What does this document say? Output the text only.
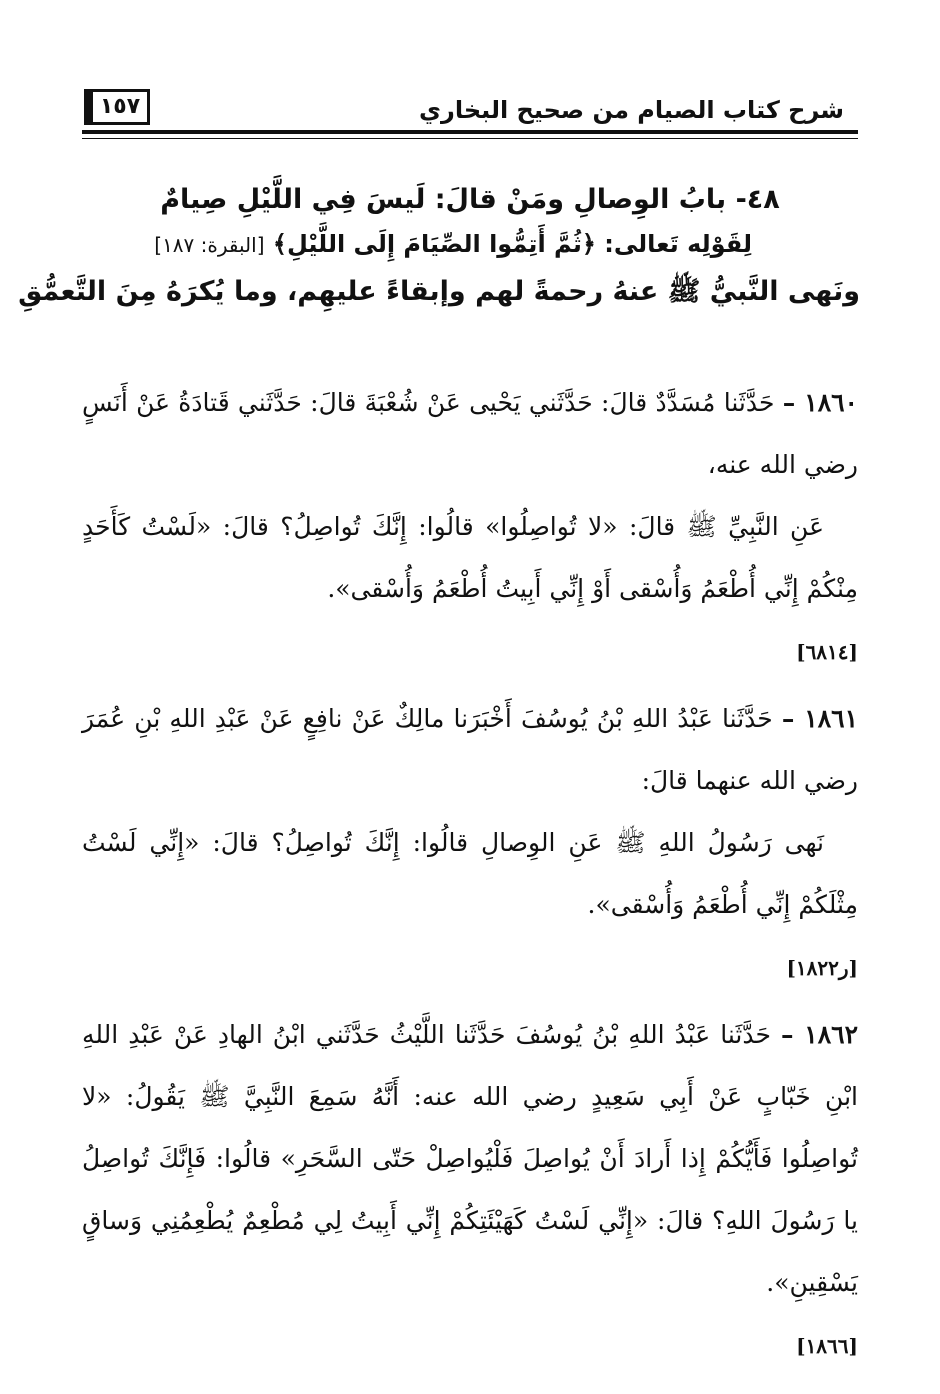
شرح كتاب الصيام من صحيح البخاري
١٥٧
٤٨- بابُ الوِصالِ ومَنْ قالَ: لَيسَ فِي اللَّيْلِ صِيامٌ
لِقَوْلِه تَعالى: ﴿ثُمَّ أَتِمُّوا الصِّيَامَ إِلَى اللَّيْلِ﴾ [البقرة: ١٨٧]
ونَهى النَّبيُّ ﷺ عنهُ رحمةً لهم وإبقاءً عليهِم، وما يُكرَهُ مِنَ التَّعمُّقِ

١٨٦٠ – حَدَّثَنا مُسَدَّدٌ قالَ: حَدَّثَني يَحْيى عَنْ شُعْبَةَ قالَ: حَدَّثَني قَتادَةُ عَنْ أَنَسٍ رضي الله عنه،

عَنِ النَّبِيِّ ﷺ قالَ: «لا تُواصِلُوا» قالُوا: إِنَّكَ تُواصِلُ؟ قالَ: «لَسْتُ كَأَحَدٍ مِنْكُمْ إِنِّي أُطْعَمُ وَأُسْقى أَوْ إِنِّي أَبِيتُ أُطْعَمُ وَأُسْقى».

[٦٨١٤]

١٨٦١ – حَدَّثَنا عَبْدُ اللهِ بْنُ يُوسُفَ أَخْبَرَنا مالِكٌ عَنْ نافِعٍ عَنْ عَبْدِ اللهِ بْنِ عُمَرَ رضي الله عنهما قالَ:

نَهى رَسُولُ اللهِ ﷺ عَنِ الوِصالِ قالُوا: إِنَّكَ تُواصِلُ؟ قالَ: «إِنِّي لَسْتُ مِثْلَكُمْ إِنِّي أُطْعَمُ وَأُسْقى».

[ر١٨٢٢]

١٨٦٢ – حَدَّثَنا عَبْدُ اللهِ بْنُ يُوسُفَ حَدَّثَنا اللَّيْثُ حَدَّثَني ابْنُ الهادِ عَنْ عَبْدِ اللهِ ابْنِ خَبّابٍ عَنْ أَبِي سَعِيدٍ رضي الله عنه: أَنَّهُ سَمِعَ النَّبِيَّ ﷺ يَقُولُ: «لا تُواصِلُوا فَأَيُّكُمْ إِذا أَرادَ أَنْ يُواصِلَ فَلْيُواصِلْ حَتّى السَّحَرِ» قالُوا: فَإِنَّكَ تُواصِلُ يا رَسُولَ اللهِ؟ قالَ: «إِنِّي لَسْتُ كَهَيْئَتِكُمْ إِنِّي أَبِيتُ لِي مُطْعِمٌ يُطْعِمُنِي وَساقٍ يَسْقِينِ».

[١٨٦٦]
